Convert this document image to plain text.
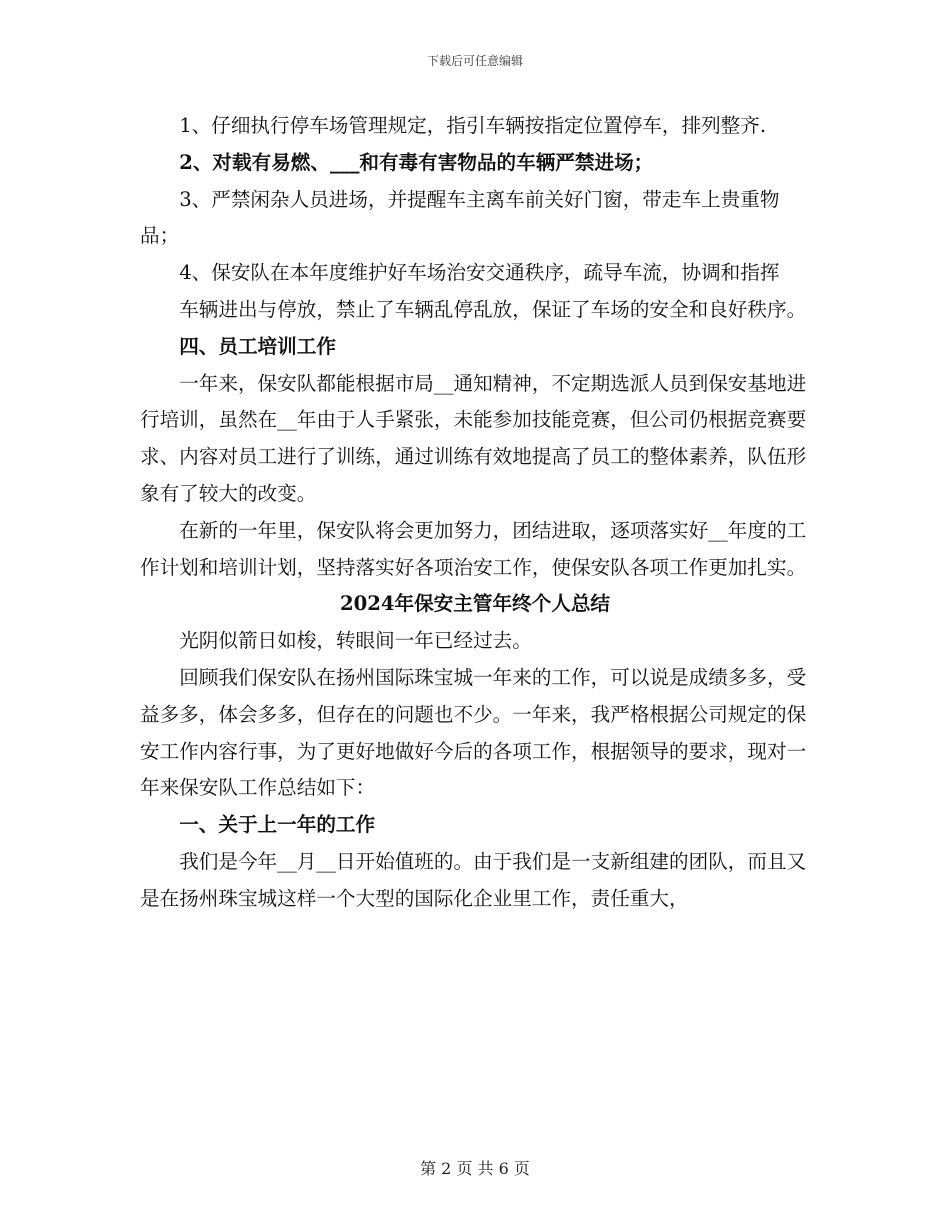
下载后可任意编辑

1、仔细执行停车场管理规定，指引车辆按指定位置停车，排列整齐.

2、对载有易燃、___和有毒有害物品的车辆严禁进场；

3、严禁闲杂人员进场，并提醒车主离车前关好门窗，带走车上贵重物品；

4、保安队在本年度维护好车场治安交通秩序，疏导车流，协调和指挥

车辆进出与停放，禁止了车辆乱停乱放，保证了车场的安全和良好秩序。

四、员工培训工作

一年来，保安队都能根据市局__通知精神，不定期选派人员到保安基地进行培训，虽然在__年由于人手紧张，未能参加技能竞赛，但公司仍根据竞赛要求、内容对员工进行了训练，通过训练有效地提高了员工的整体素养，队伍形象有了较大的改变。

在新的一年里，保安队将会更加努力，团结进取，逐项落实好__年度的工作计划和培训计划，坚持落实好各项治安工作，使保安队各项工作更加扎实。

2024年保安主管年终个人总结

光阴似箭日如梭，转眼间一年已经过去。

回顾我们保安队在扬州国际珠宝城一年来的工作，可以说是成绩多多，受益多多，体会多多，但存在的问题也不少。一年来，我严格根据公司规定的保安工作内容行事，为了更好地做好今后的各项工作，根据领导的要求，现对一年来保安队工作总结如下：

一、关于上一年的工作

我们是今年__月__日开始值班的。由于我们是一支新组建的团队，而且又是在扬州珠宝城这样一个大型的国际化企业里工作，责任重大，

第 2 页 共 6 页
